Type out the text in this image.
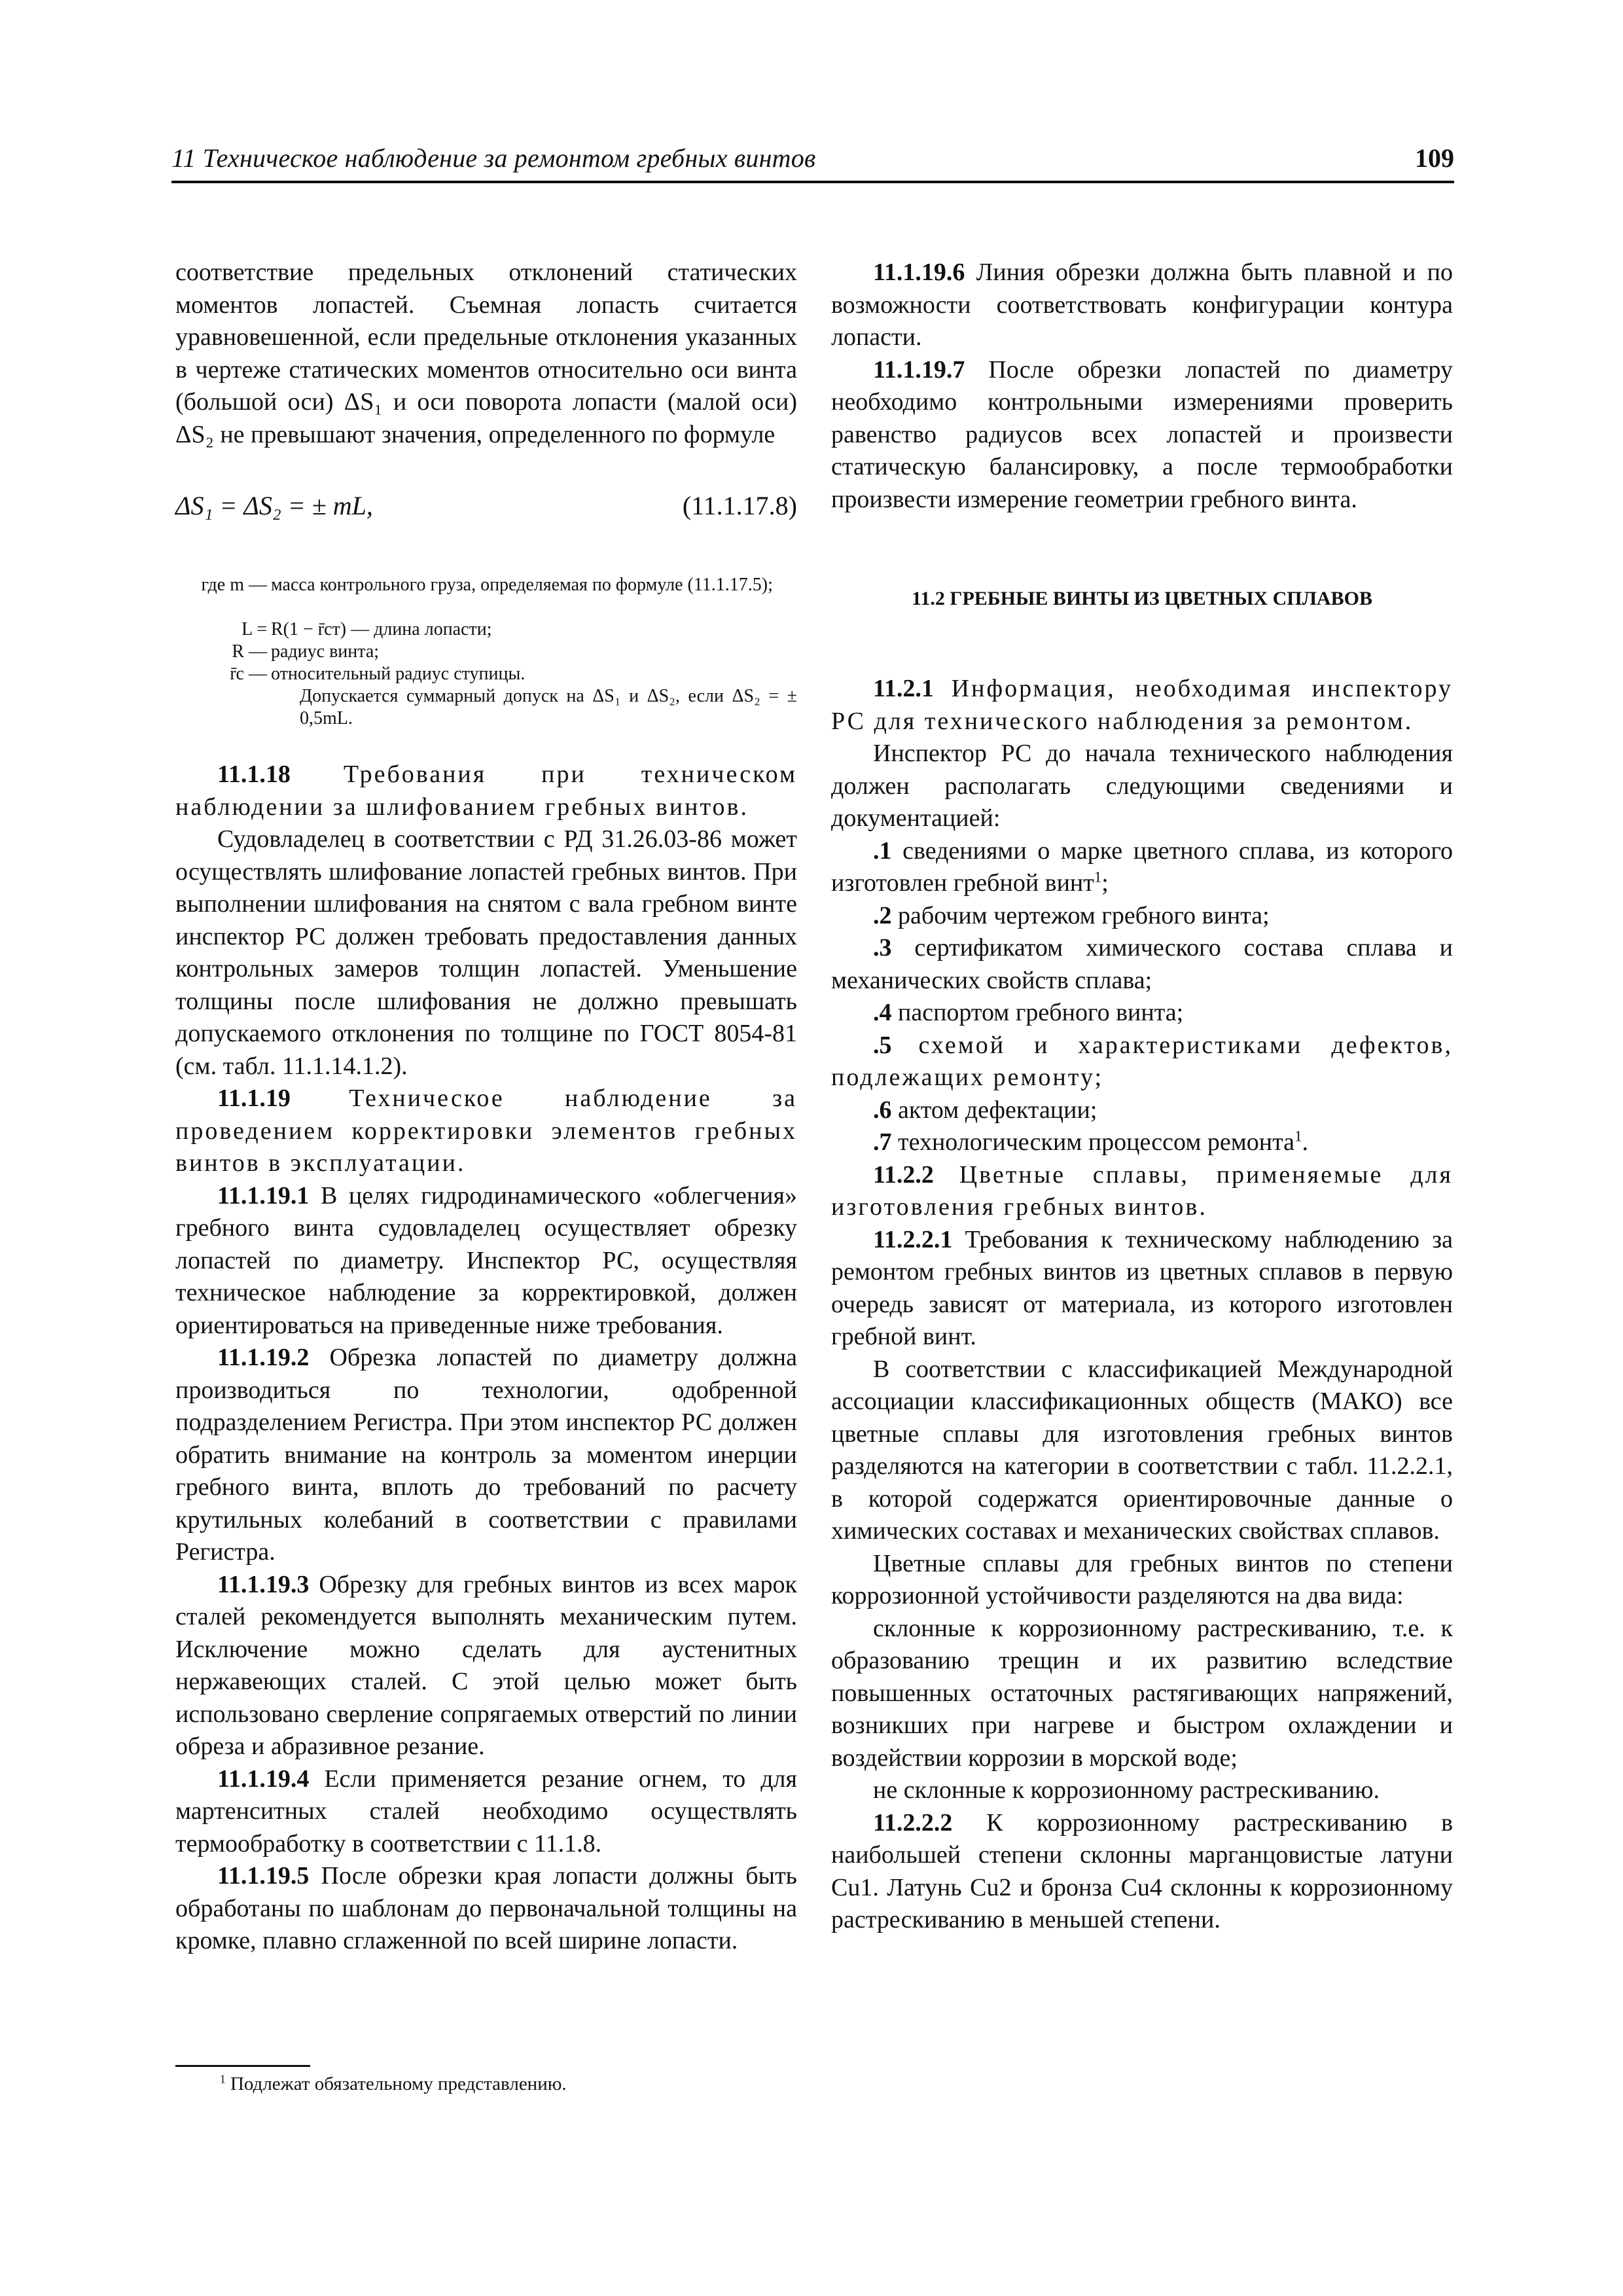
11 Техническое наблюдение за ремонтом гребных винтов	109

соответствие предельных отклонений статических моментов лопастей. Съемная лопасть считается уравновешенной, если предельные отклонения указанных в чертеже статических моментов относительно оси винта (большой оси) ΔS₁ и оси поворота лопасти (малой оси) ΔS₂ не превышают значения, определенного по формуле

ΔS₁ = ΔS₂ = ± mL,	(11.1.17.8)
где m — масса контрольного груза, определяемая по формуле (11.1.17.5);
L = R(1 − r̄ст) — длина лопасти;
R — радиус винта;
r̄с — относительный радиус ступицы.
Допускается суммарный допуск на ΔS₁ и ΔS₂, если ΔS₂ = ± 0,5mL.

11.1.18 Требования при техническом наблюдении за шлифованием гребных винтов.

Судовладелец в соответствии с РД 31.26.03-86 может осуществлять шлифование лопастей гребных винтов. При выполнении шлифования на снятом с вала гребном винте инспектор РС должен требовать предоставления данных контрольных замеров толщин лопастей. Уменьшение толщины после шлифования не должно превышать допускаемого отклонения по толщине по ГОСТ 8054-81 (см. табл. 11.1.14.1.2).

11.1.19 Техническое наблюдение за проведением корректировки элементов гребных винтов в эксплуатации.

11.1.19.1 В целях гидродинамического «облегчения» гребного винта судовладелец осуществляет обрезку лопастей по диаметру. Инспектор РС, осуществляя техническое наблюдение за корректировкой, должен ориентироваться на приведенные ниже требования.

11.1.19.2 Обрезка лопастей по диаметру должна производиться по технологии, одобренной подразделением Регистра. При этом инспектор РС должен обратить внимание на контроль за моментом инерции гребного винта, вплоть до требований по расчету крутильных колебаний в соответствии с правилами Регистра.

11.1.19.3 Обрезку для гребных винтов из всех марок сталей рекомендуется выполнять механическим путем. Исключение можно сделать для аустенитных нержавеющих сталей. С этой целью может быть использовано сверление сопрягаемых отверстий по линии обреза и абразивное резание.

11.1.19.4 Если применяется резание огнем, то для мартенситных сталей необходимо осуществлять термообработку в соответствии с 11.1.8.

11.1.19.5 После обрезки края лопасти должны быть обработаны по шаблонам до первоначальной толщины на кромке, плавно сглаженной по всей ширине лопасти.

11.1.19.6 Линия обрезки должна быть плавной и по возможности соответствовать конфигурации контура лопасти.

11.1.19.7 После обрезки лопастей по диаметру необходимо контрольными измерениями проверить равенство радиусов всех лопастей и произвести статическую балансировку, а после термообработки произвести измерение геометрии гребного винта.

11.2 ГРЕБНЫЕ ВИНТЫ ИЗ ЦВЕТНЫХ СПЛАВОВ

11.2.1 Информация, необходимая инспектору РС для технического наблюдения за ремонтом.

Инспектор РС до начала технического наблюдения должен располагать следующими сведениями и документацией:

.1 сведениями о марке цветного сплава, из которого изготовлен гребной винт$^1$;

.2 рабочим чертежом гребного винта;

.3 сертификатом химического состава сплава и механических свойств сплава;

.4 паспортом гребного винта;

.5 схемой и характеристиками дефектов, подлежащих ремонту;

.6 актом дефектации;

.7 технологическим процессом ремонта$^1$.

11.2.2 Цветные сплавы, применяемые для изготовления гребных винтов.

11.2.2.1 Требования к техническому наблюдению за ремонтом гребных винтов из цветных сплавов в первую очередь зависят от материала, из которого изготовлен гребной винт.

В соответствии с классификацией Международной ассоциации классификационных обществ (МАКО) все цветные сплавы для изготовления гребных винтов разделяются на категории в соответствии с табл. 11.2.2.1, в которой содержатся ориентировочные данные о химических составах и механических свойствах сплавов.

Цветные сплавы для гребных винтов по степени коррозионной устойчивости разделяются на два вида:

склонные к коррозионному растрескиванию, т.е. к образованию трещин и их развитию вследствие повышенных остаточных растягивающих напряжений, возникших при нагреве и быстром охлаждении и воздействии коррозии в морской воде;

не склонные к коррозионному растрескиванию.

11.2.2.2 К коррозионному растрескиванию в наибольшей степени склонны марганцовистые латуни Cu1. Латунь Cu2 и бронза Cu4 склонны к коррозионному растрескиванию в меньшей степени.

$^1$ Подлежат обязательному представлению.
